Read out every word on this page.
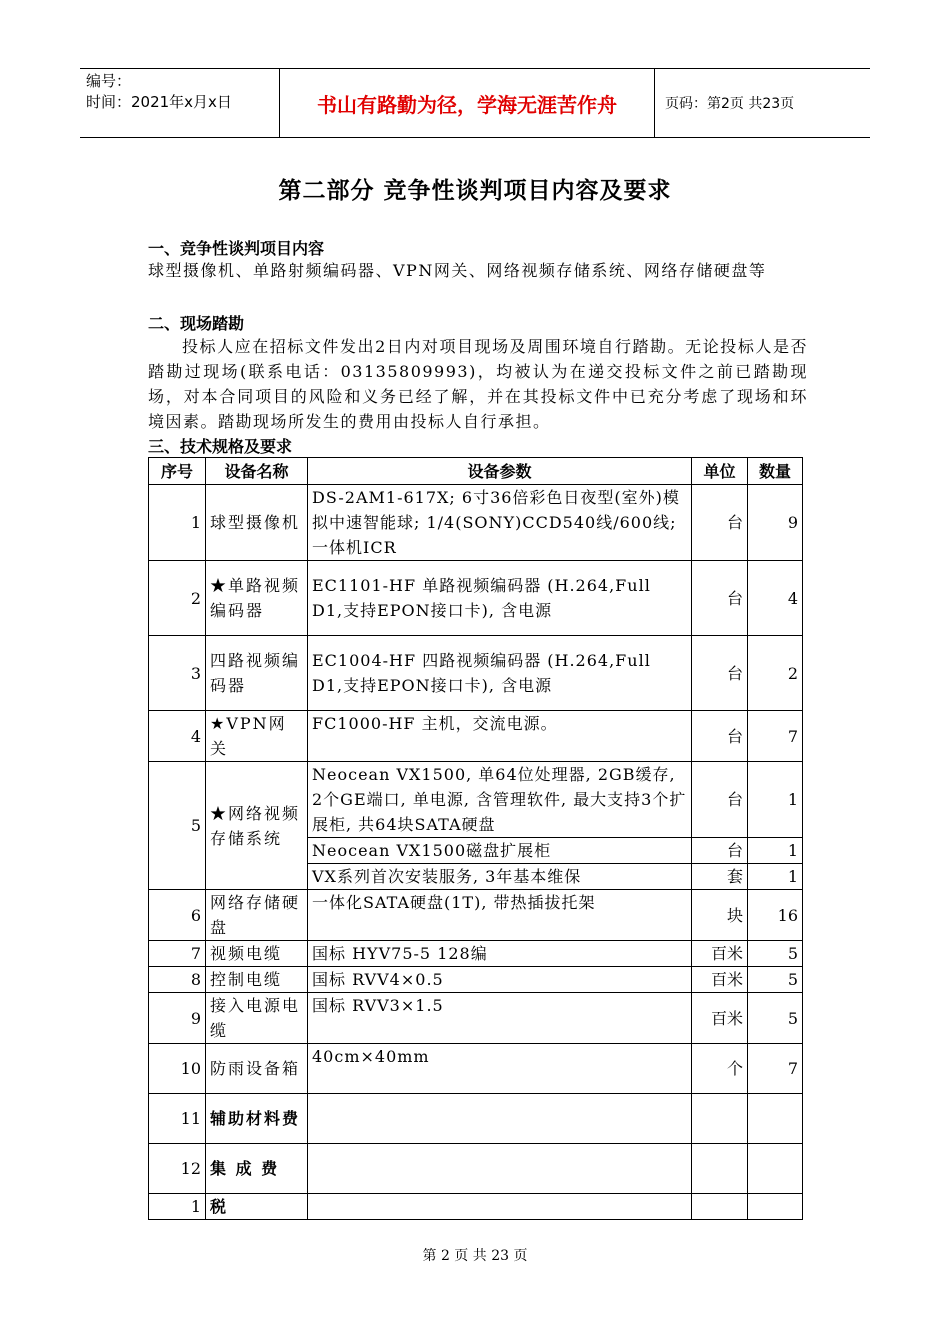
编号：
时间：2021年x月x日	书山有路勤为径，学海无涯苦作舟	页码：第2页 共23页
第二部分 竞争性谈判项目内容及要求
一、竞争性谈判项目内容
球型摄像机、单路射频编码器、VPN网关、网络视频存储系统、网络存储硬盘等
二、现场踏勘
投标人应在招标文件发出2日内对项目现场及周围环境自行踏勘。无论投标人是否踏勘过现场(联系电话：03135809993)，均被认为在递交投标文件之前已踏勘现场，对本合同项目的风险和义务已经了解，并在其投标文件中已充分考虑了现场和环境因素。踏勘现场所发生的费用由投标人自行承担。
三、技术规格及要求
序号	设备名称	设备参数	单位	数量
1	球型摄像机	DS-2AM1-617X; 6寸36倍彩色日夜型(室外)模拟中速智能球; 1/4(SONY)CCD540线/600线; 一体机ICR	台	9
2	★单路视频编码器	EC1101-HF 单路视频编码器 (H.264,Full D1,支持EPON接口卡), 含电源	台	4
3	四路视频编码器	EC1004-HF 四路视频编码器 (H.264,Full D1,支持EPON接口卡), 含电源	台	2
4	★VPN网关	FC1000-HF 主机，交流电源。	台	7
5	★网络视频存储系统	Neocean VX1500, 单64位处理器, 2GB缓存, 2个GE端口, 单电源, 含管理软件, 最大支持3个扩展柜, 共64块SATA硬盘	台	1
		Neocean VX1500磁盘扩展柜	台	1
		VX系列首次安装服务, 3年基本维保	套	1
6	网络存储硬盘	一体化SATA硬盘(1T), 带热插拔托架	块	16
7	视频电缆	国标 HYV75-5 128编	百米	5
8	控制电缆	国标 RVV4×0.5	百米	5
9	接入电源电缆	国标 RVV3×1.5	百米	5
10	防雨设备箱	40cm×40mm	个	7
11	辅助材料费			
12	集 成 费			
1	税			
第 2 页 共 23 页
